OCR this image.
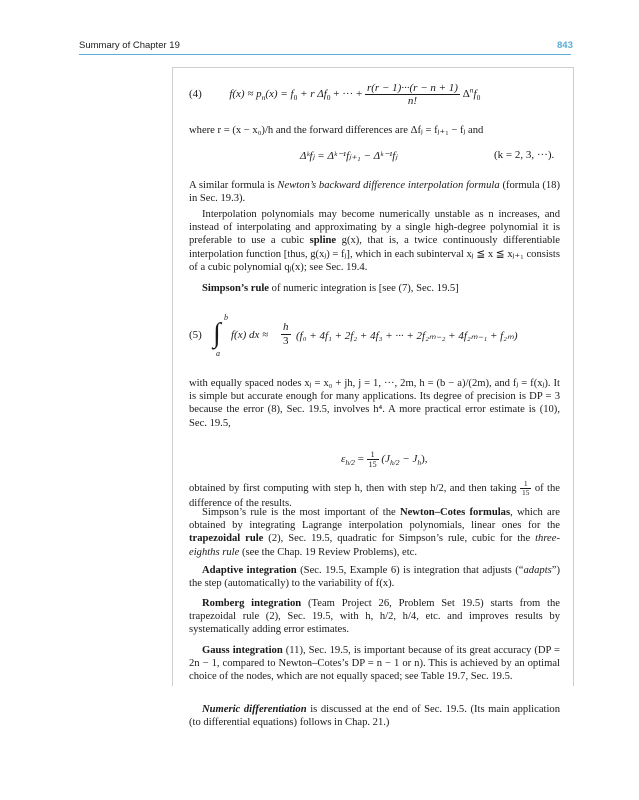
Summary of Chapter 19	843
(4)	$f(x) \approx p_n(x) = f_0 + r$ $\Delta f_0$ + ··· + $\frac{r(r - 1)\cdot\cdot\cdot(r - n + 1)}{n!} \Delta^nf_0$

where r = (x − x₀)/h and the forward differences are Δfⱼ = fⱼ₊₁ − fⱼ and

Δᵏfⱼ = Δᵏ⁻¹fⱼ₊₁ − Δᵏ⁻¹fⱼ	(k = 2, 3, ···).

A similar formula is Newton’s backward difference interpolation formula (formula (18) in Sec. 19.3).

Interpolation polynomials may become numerically unstable as n increases, and instead of interpolating and approximating by a single high-degree polynomial it is preferable to use a cubic spline g(x), that is, a twice continuously differentiable interpolation function [thus, g(xⱼ) = fⱼ], which in each subinterval xⱼ ≦ x ≦ xⱼ₊₁ consists of a cubic polynomial qⱼ(x); see Sec. 19.4.

Simpson’s rule of numeric integration is [see (7), Sec. 19.5]

(5) ∫
b
a
f(x) dx ≈ $\frac{h}{3} (f_0 + 4f_1 + 2f_2 + 4f_3$ + ··· + 2f₂ₘ₋₂ + 4f₂ₘ₋₁ + f₂ₘ)

with equally spaced nodes xⱼ = x₀ + jh, j = 1, ···, 2m, h = (b − a)/(2m), and fⱼ = f(xⱼ). It is simple but accurate enough for many applications. Its degree of precision is DP = 3 because the error (8), Sec. 19.5, involves h⁴. A more practical error estimate is (10), Sec. 19.5,

$\varepsilon_{h/2} = \frac{1}{15} (J_{h/2} - J_h)$,

obtained by first computing with step h, then with step h/2, and then taking $\frac{1}{15}$ of the difference of the results.

Simpson’s rule is the most important of the Newton–Cotes formulas, which are obtained by integrating Lagrange interpolation polynomials, linear ones for the trapezoidal rule (2), Sec. 19.5, quadratic for Simpson’s rule, cubic for the three-eighths rule (see the Chap. 19 Review Problems), etc.

Adaptive integration (Sec. 19.5, Example 6) is integration that adjusts (“adapts”) the step (automatically) to the variability of f(x).

Romberg integration (Team Project 26, Problem Set 19.5) starts from the trapezoidal rule (2), Sec. 19.5, with h, h/2, h/4, etc. and improves results by systematically adding error estimates.

Gauss integration (11), Sec. 19.5, is important because of its great accuracy (DP = 2n − 1, compared to Newton–Cotes’s DP = n − 1 or n). This is achieved by an optimal choice of the nodes, which are not equally spaced; see Table 19.7, Sec. 19.5.

Numeric differentiation is discussed at the end of Sec. 19.5. (Its main application (to differential equations) follows in Chap. 21.)
